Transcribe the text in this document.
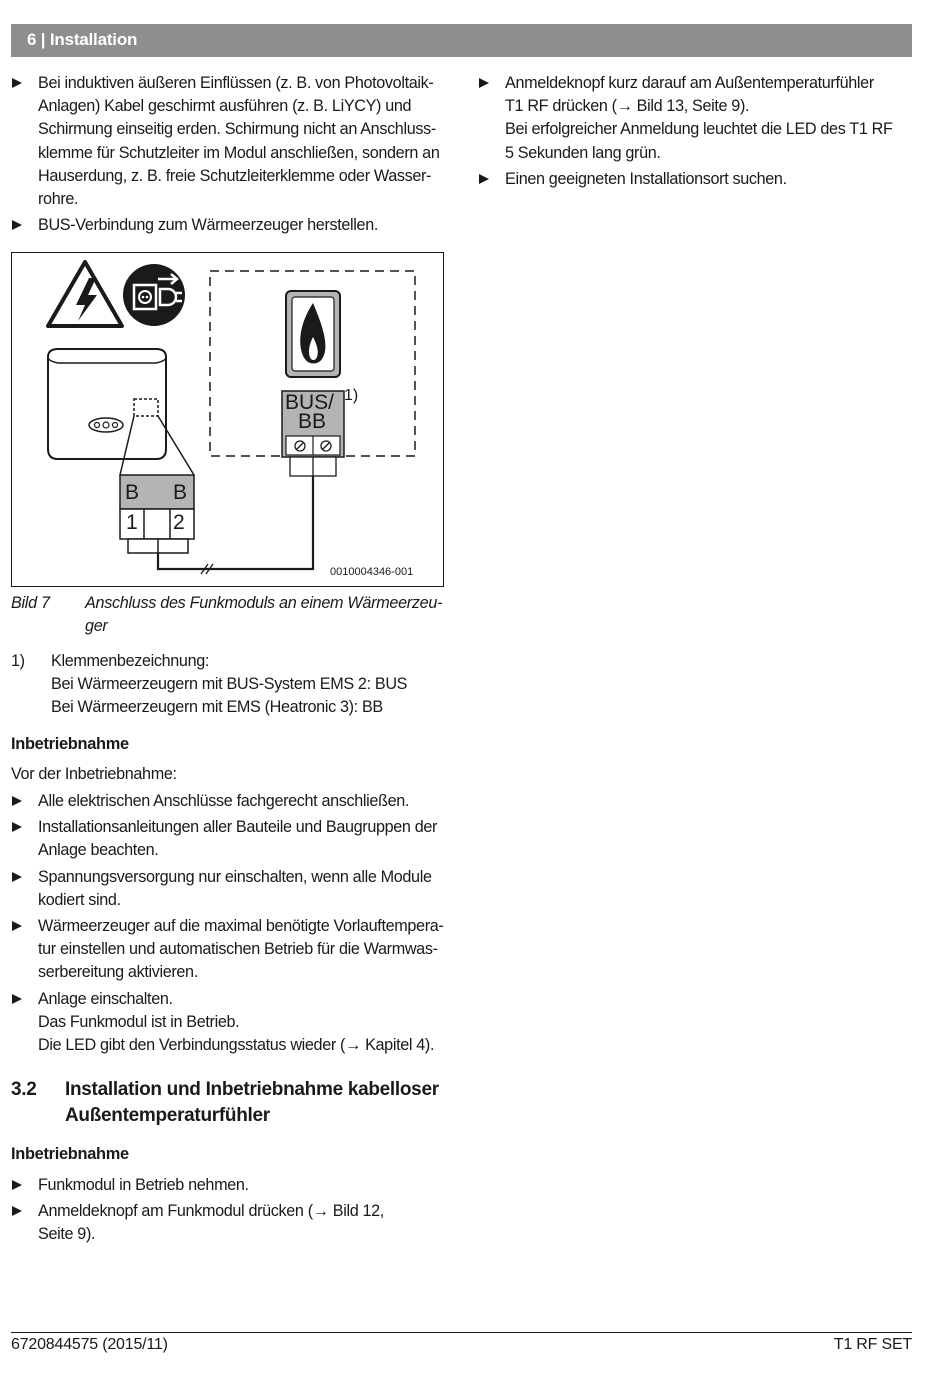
6 | Installation
Bei induktiven äußeren Einflüssen (z. B. von Photovoltaik-
Anlagen) Kabel geschirmt ausführen (z. B. LiYCY) und
Schirmung einseitig erden. Schirmung nicht an Anschluss-
klemme für Schutzleiter im Modul anschließen, sondern an
Hauserdung, z. B. freie Schutzleiterklemme oder Wasser-
rohre.
BUS-Verbindung zum Wärmeerzeuger herstellen.
BUS/
BB
1)
B B
1 2
0010004346-001
Bild 7 Anschluss des Funkmoduls an einem Wärmeerzeu-
ger
1) Klemmenbezeichnung:
Bei Wärmeerzeugern mit BUS-System EMS 2: BUS
Bei Wärmeerzeugern mit EMS (Heatronic 3): BB
Inbetriebnahme
Vor der Inbetriebnahme:
Alle elektrischen Anschlüsse fachgerecht anschließen.
Installationsanleitungen aller Bauteile und Baugruppen der
Anlage beachten.
Spannungsversorgung nur einschalten, wenn alle Module
kodiert sind.
Wärmeerzeuger auf die maximal benötigte Vorlauftempera-
tur einstellen und automatischen Betrieb für die Warmwas-
serbereitung aktivieren.
Anlage einschalten.
Das Funkmodul ist in Betrieb.
Die LED gibt den Verbindungsstatus wieder (→ Kapitel 4).
3.2 Installation und Inbetriebnahme kabelloser
Außentemperaturfühler
Inbetriebnahme
Funkmodul in Betrieb nehmen.
Anmeldeknopf am Funkmodul drücken (→ Bild 12,
Seite 9).
Anmeldeknopf kurz darauf am Außentemperaturfühler
T1 RF drücken (→ Bild 13, Seite 9).
Bei erfolgreicher Anmeldung leuchtet die LED des T1 RF
5 Sekunden lang grün.
Einen geeigneten Installationsort suchen.
6720844575 (2015/11)	T1 RF SET
